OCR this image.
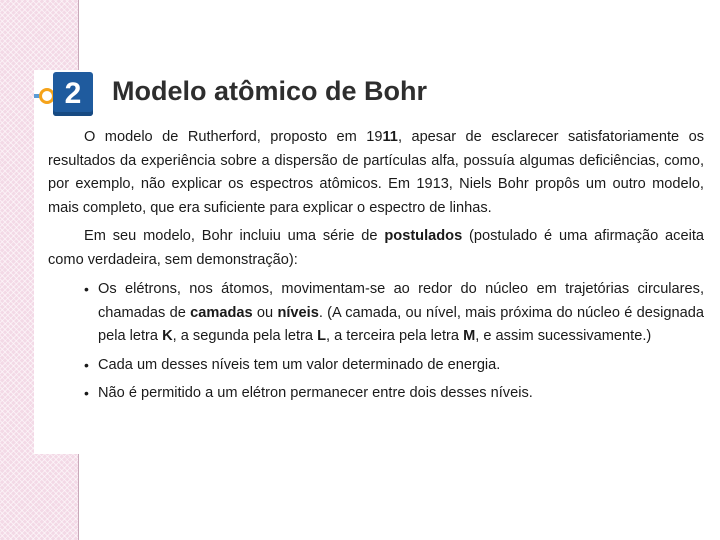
2	Modelo atômico de Bohr

O modelo de Rutherford, proposto em 1911, apesar de esclarecer satisfatoriamente os resultados da experiência sobre a dispersão de partículas alfa, possuía algumas deficiências, como, por exemplo, não explicar os espectros atômicos. Em 1913, Niels Bohr propôs um outro modelo, mais completo, que era suficiente para explicar o espectro de linhas.

Em seu modelo, Bohr incluiu uma série de postulados (postulado é uma afirmação aceita como verdadeira, sem demonstração):

• Os elétrons, nos átomos, movimentam-se ao redor do núcleo em trajetórias circulares, chamadas de camadas ou níveis. (A camada, ou nível, mais próxima do núcleo é designada pela letra K, a segunda pela letra L, a terceira pela letra M, e assim sucessivamente.)
• Cada um desses níveis tem um valor determinado de energia.
• Não é permitido a um elétron permanecer entre dois desses níveis.
